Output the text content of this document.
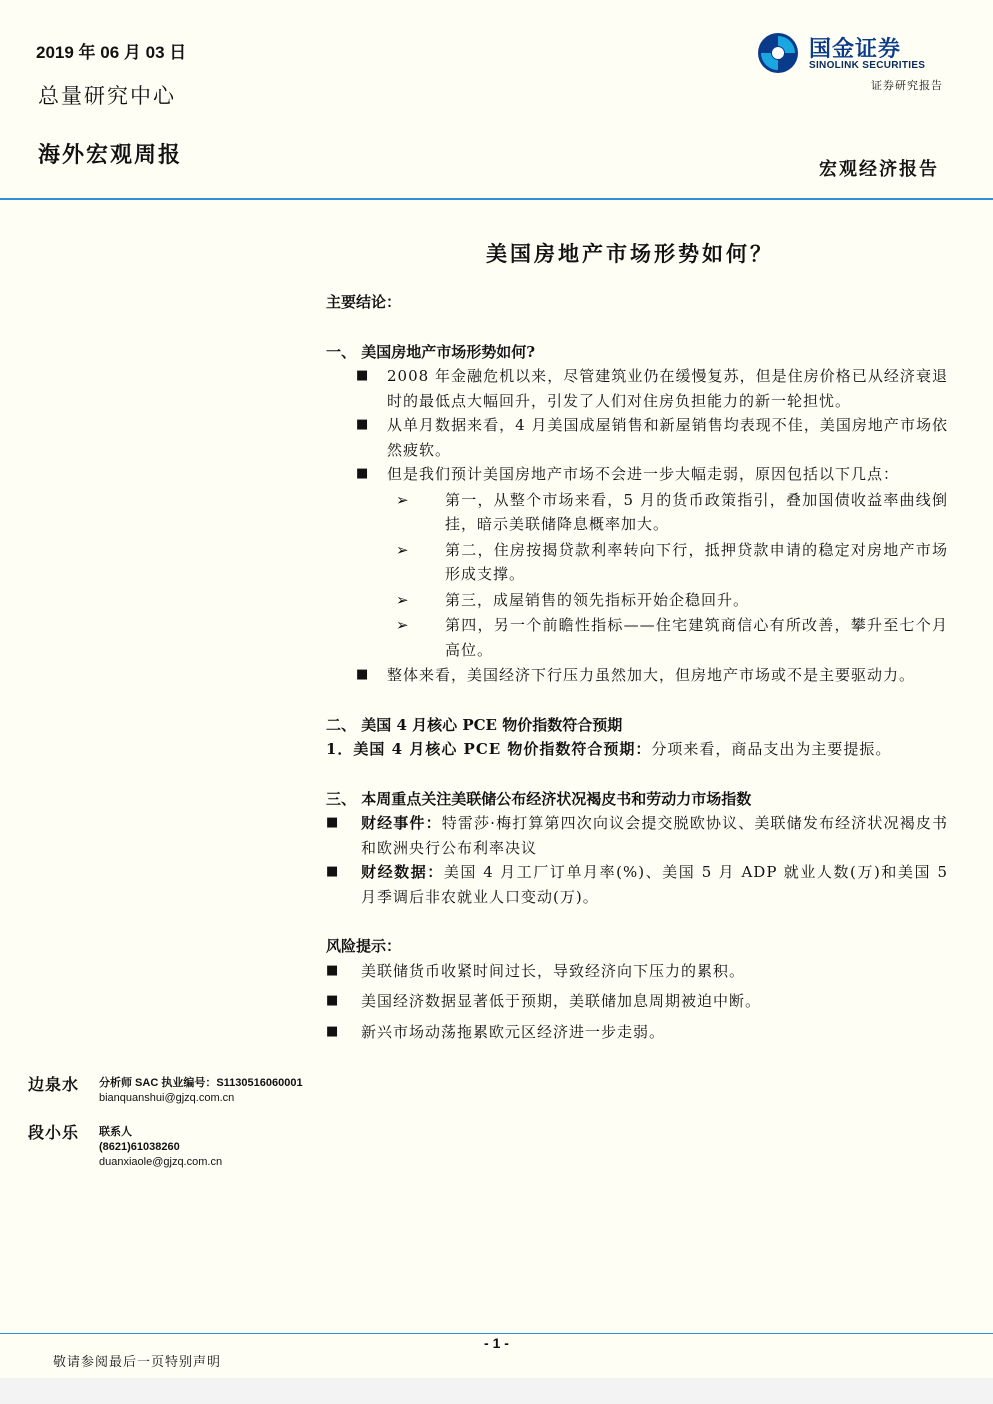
2019 年 06 月 03 日
总量研究中心
海外宏观周报
国金证券
SINOLINK SECURITIES
证券研究报告
宏观经济报告
美国房地产市场形势如何？

主要结论：

一、 美国房地产市场形势如何?

■ 2008 年金融危机以来，尽管建筑业仍在缓慢复苏，但是住房价格已从经济衰退时的最低点大幅回升，引发了人们对住房负担能力的新一轮担忧。

■ 从单月数据来看，4 月美国成屋销售和新屋销售均表现不佳，美国房地产市场依然疲软。

■ 但是我们预计美国房地产市场不会进一步大幅走弱，原因包括以下几点：

➢ 第一，从整个市场来看，5 月的货币政策指引，叠加国债收益率曲线倒挂，暗示美联储降息概率加大。

➢ 第二，住房按揭贷款利率转向下行，抵押贷款申请的稳定对房地产市场形成支撑。

➢ 第三，成屋销售的领先指标开始企稳回升。

➢ 第四，另一个前瞻性指标——住宅建筑商信心有所改善，攀升至七个月高位。

■ 整体来看，美国经济下行压力虽然加大，但房地产市场或不是主要驱动力。

二、 美国 4 月核心 PCE 物价指数符合预期

1．美国 4 月核心 PCE 物价指数符合预期：分项来看，商品支出为主要提振。

三、 本周重点关注美联储公布经济状况褐皮书和劳动力市场指数

■ 财经事件：特雷莎·梅打算第四次向议会提交脱欧协议、美联储发布经济状况褐皮书和欧洲央行公布利率决议

■ 财经数据：美国 4 月工厂订单月率(%)、美国 5 月 ADP 就业人数(万)和美国 5 月季调后非农就业人口变动(万)。

风险提示：

■ 美联储货币收紧时间过长，导致经济向下压力的累积。

■ 美国经济数据显著低于预期，美联储加息周期被迫中断。

■ 新兴市场动荡拖累欧元区经济进一步走弱。

边泉水 分析师 SAC 执业编号：S1130516060001
bianquanshui@gjzq.com.cn
段小乐 联系人
(8621)61038260
duanxiaole@gjzq.com.cn
- 1 -
敬请参阅最后一页特别声明
